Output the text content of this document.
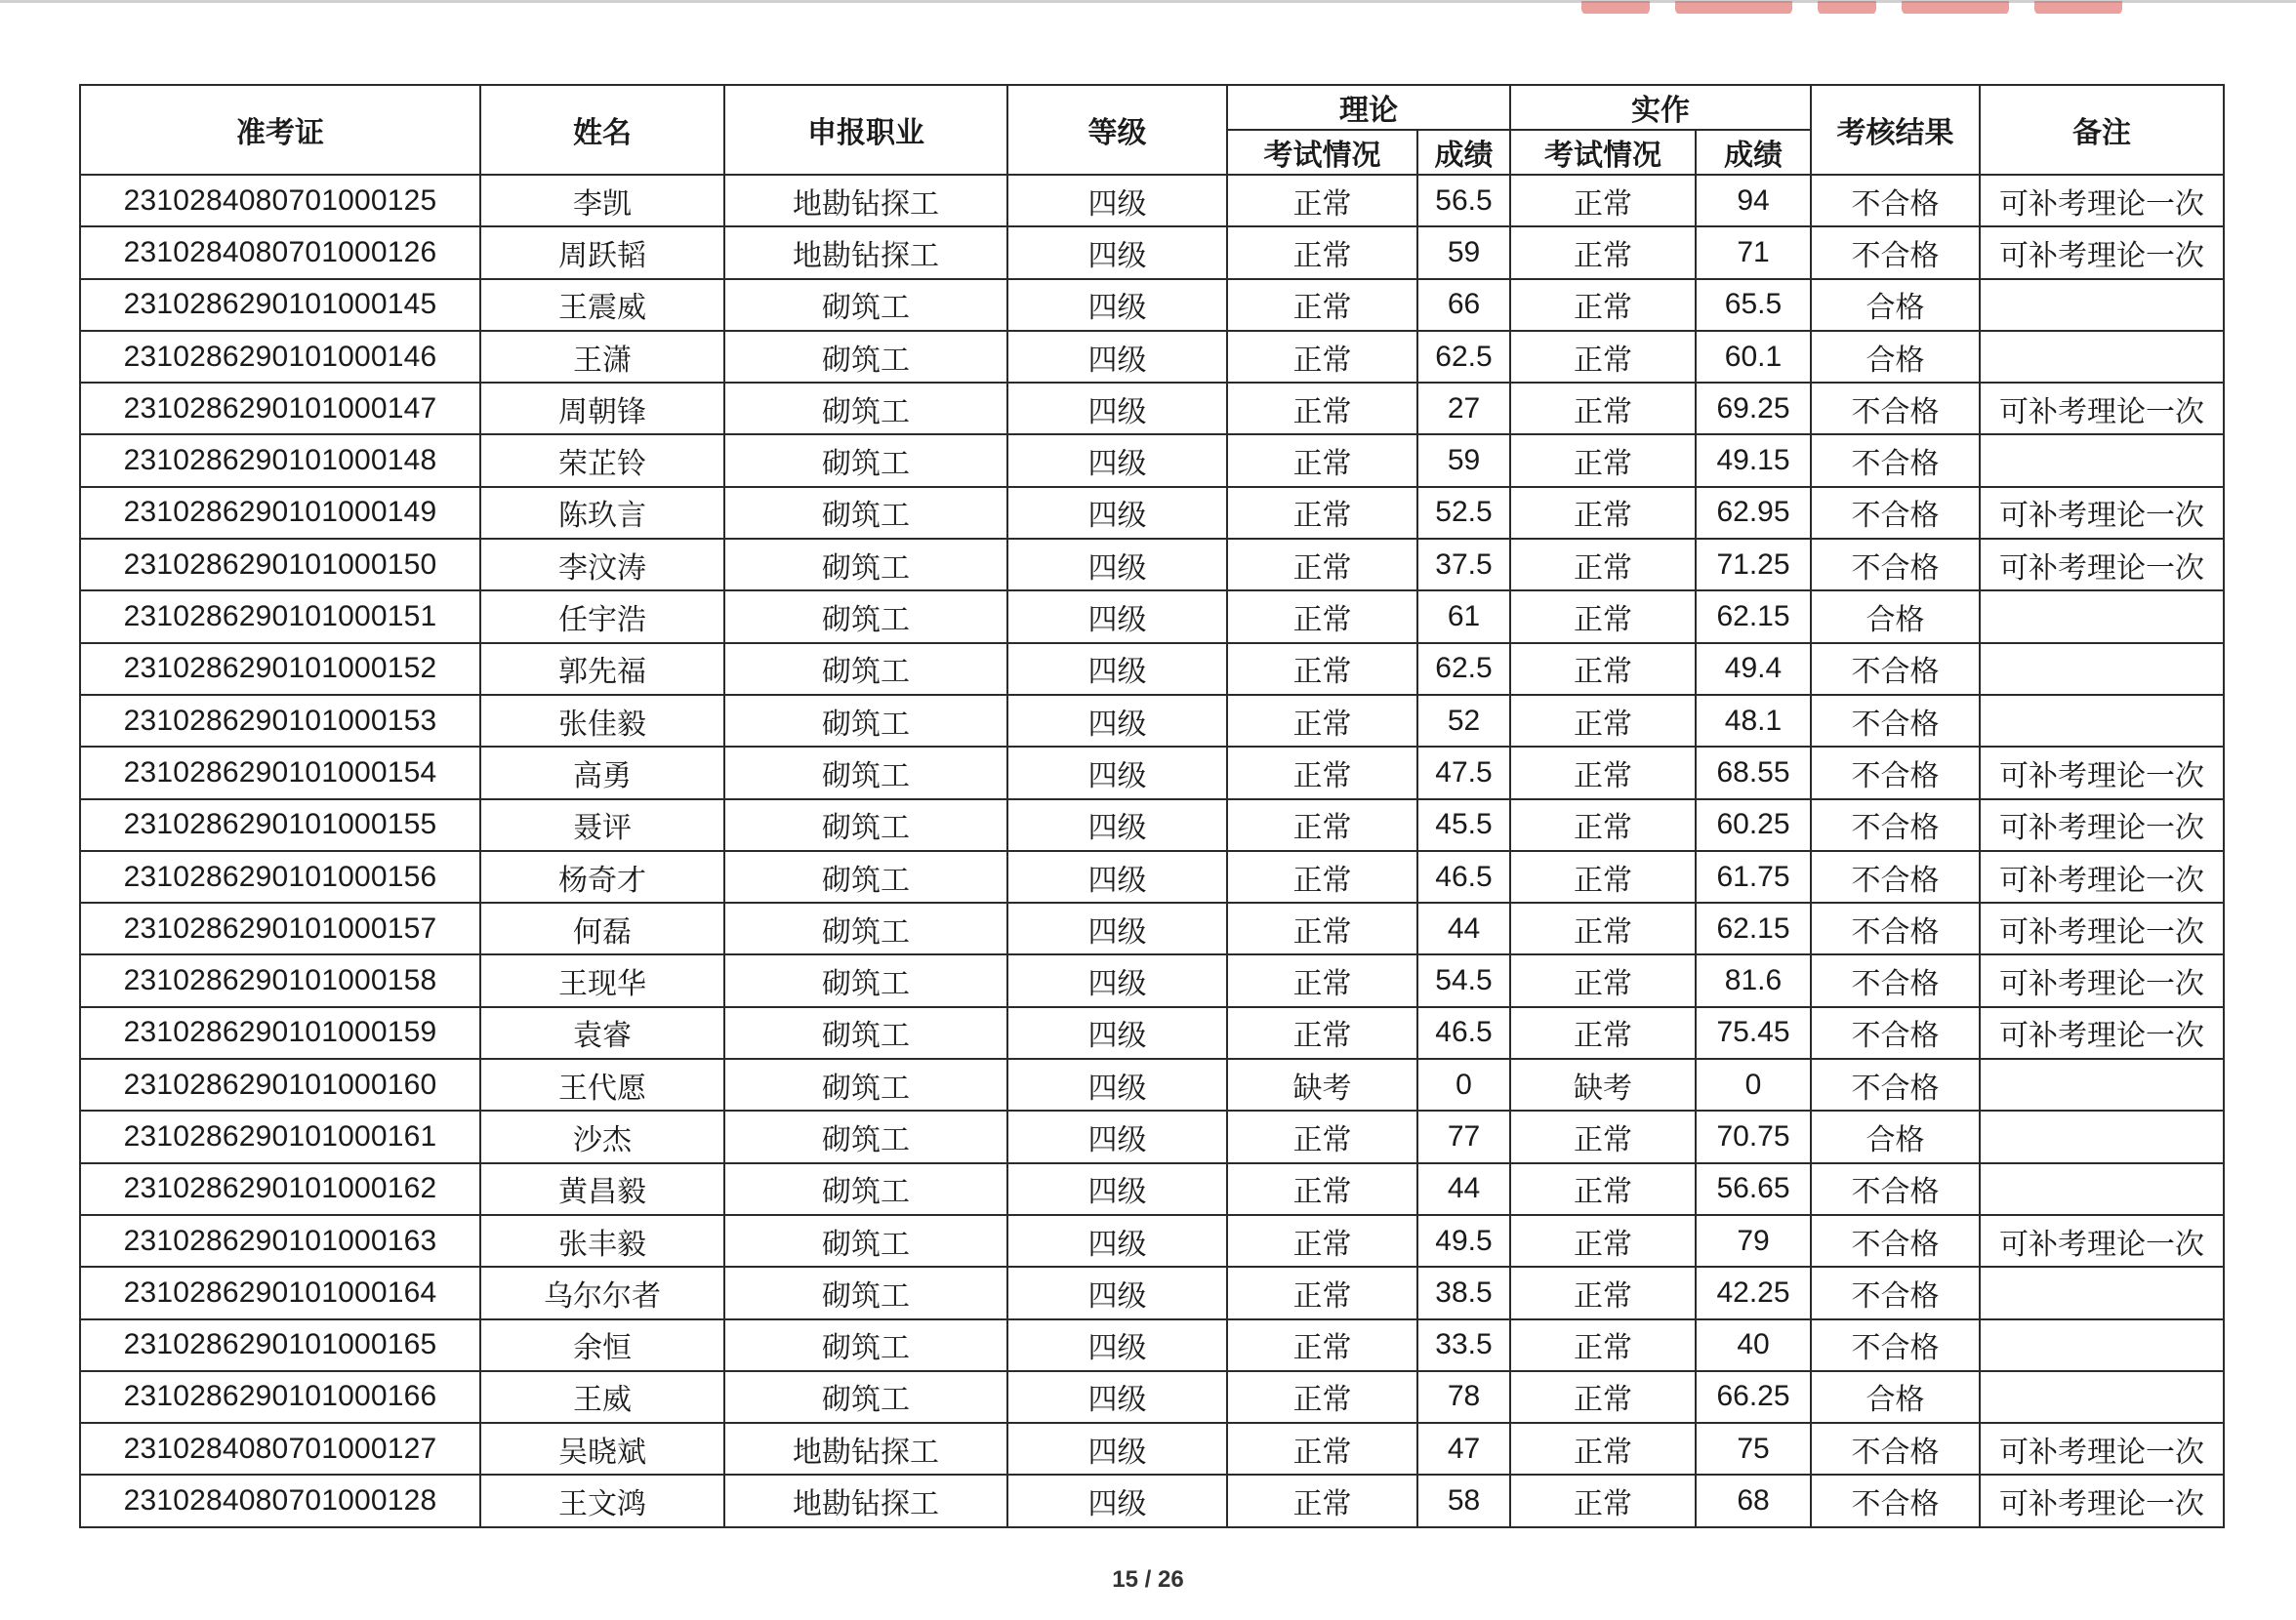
准考证	姓名	申报职业	等级	理论		实作		考核结果	备注
				考试情况	成绩	考试情况	成绩		
2310284080701000125	李凯	地勘钻探工	四级	正常	56.5	正常	94	不合格	可补考理论一次
2310284080701000126	周跃韬	地勘钻探工	四级	正常	59	正常	71	不合格	可补考理论一次
2310286290101000145	王震威	砌筑工	四级	正常	66	正常	65.5	合格	
2310286290101000146	王潇	砌筑工	四级	正常	62.5	正常	60.1	合格	
2310286290101000147	周朝锋	砌筑工	四级	正常	27	正常	69.25	不合格	可补考理论一次
2310286290101000148	荣芷铃	砌筑工	四级	正常	59	正常	49.15	不合格	
2310286290101000149	陈玖言	砌筑工	四级	正常	52.5	正常	62.95	不合格	可补考理论一次
2310286290101000150	李汶涛	砌筑工	四级	正常	37.5	正常	71.25	不合格	可补考理论一次
2310286290101000151	任宇浩	砌筑工	四级	正常	61	正常	62.15	合格	
2310286290101000152	郭先福	砌筑工	四级	正常	62.5	正常	49.4	不合格	
2310286290101000153	张佳毅	砌筑工	四级	正常	52	正常	48.1	不合格	
2310286290101000154	高勇	砌筑工	四级	正常	47.5	正常	68.55	不合格	可补考理论一次
2310286290101000155	聂评	砌筑工	四级	正常	45.5	正常	60.25	不合格	可补考理论一次
2310286290101000156	杨奇才	砌筑工	四级	正常	46.5	正常	61.75	不合格	可补考理论一次
2310286290101000157	何磊	砌筑工	四级	正常	44	正常	62.15	不合格	可补考理论一次
2310286290101000158	王现华	砌筑工	四级	正常	54.5	正常	81.6	不合格	可补考理论一次
2310286290101000159	袁睿	砌筑工	四级	正常	46.5	正常	75.45	不合格	可补考理论一次
2310286290101000160	王代愿	砌筑工	四级	缺考	0	缺考	0	不合格	
2310286290101000161	沙杰	砌筑工	四级	正常	77	正常	70.75	合格	
2310286290101000162	黄昌毅	砌筑工	四级	正常	44	正常	56.65	不合格	
2310286290101000163	张丰毅	砌筑工	四级	正常	49.5	正常	79	不合格	可补考理论一次
2310286290101000164	乌尔尔者	砌筑工	四级	正常	38.5	正常	42.25	不合格	
2310286290101000165	余恒	砌筑工	四级	正常	33.5	正常	40	不合格	
2310286290101000166	王威	砌筑工	四级	正常	78	正常	66.25	合格	
2310284080701000127	吴晓斌	地勘钻探工	四级	正常	47	正常	75	不合格	可补考理论一次
2310284080701000128	王文鸿	地勘钻探工	四级	正常	58	正常	68	不合格	可补考理论一次
15 / 26
